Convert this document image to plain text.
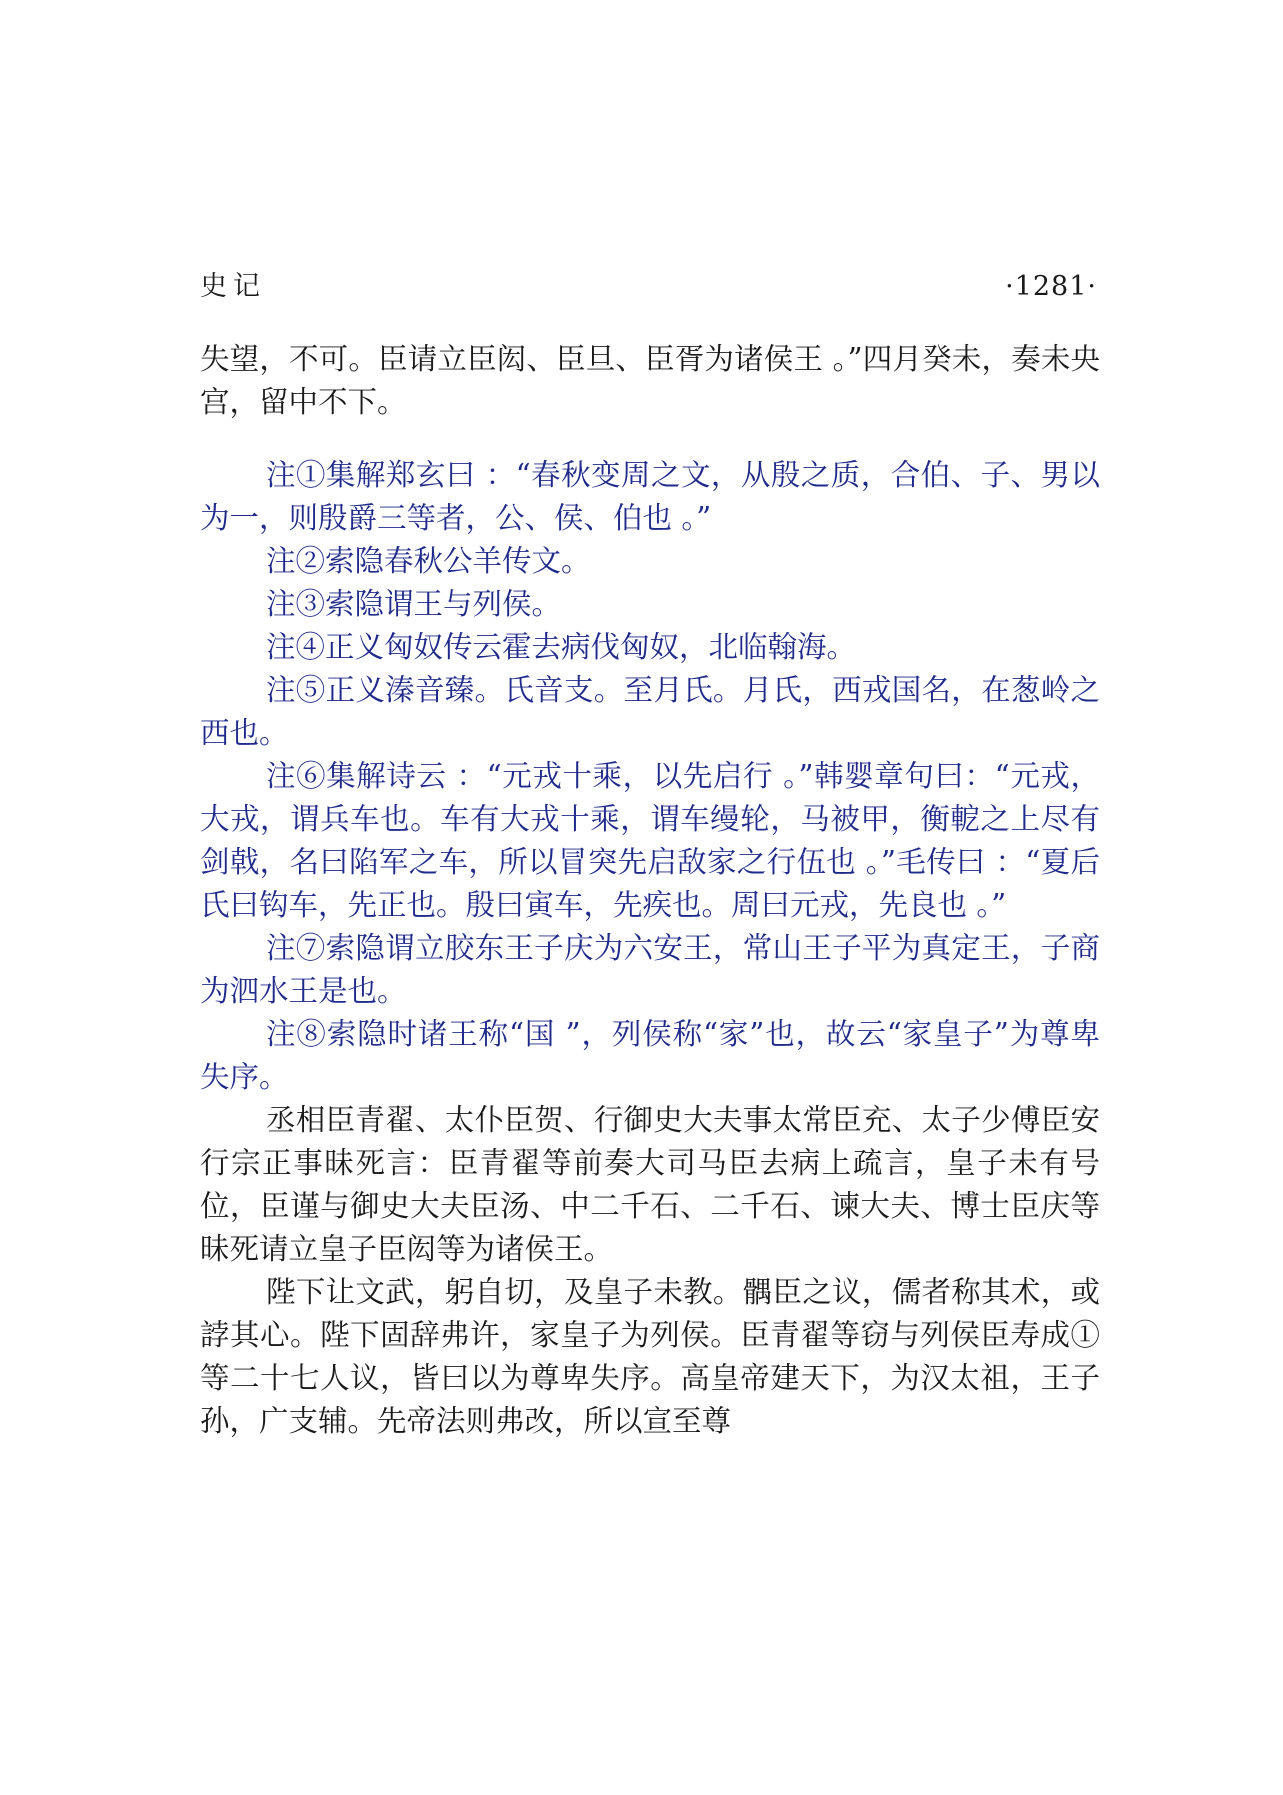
史记	·1281·

失望，不可。臣请立臣闳、臣旦、臣胥为诸侯王 。”四月癸未，奏未央宫，留中不下。

注①集解郑玄曰 ：“春秋变周之文，从殷之质，合伯、子、男以为一，则殷爵三等者，公、侯、伯也 。”

注②索隐春秋公羊传文。

注③索隐谓王与列侯。

注④正义匈奴传云霍去病伐匈奴，北临翰海。

注⑤正义溱音臻。氏音支。至月氏。月氏，西戎国名，在葱岭之西也。

注⑥集解诗云 ：“元戎十乘，以先启行 。”韩婴章句曰：“元戎，大戎，谓兵车也。车有大戎十乘，谓车缦轮，马被甲，衡軶之上尽有剑戟，名曰陷军之车，所以冒突先启敌家之行伍也 。”毛传曰 ：“夏后氏曰钩车，先正也。殷曰寅车，先疾也。周曰元戎，先良也 。”

注⑦索隐谓立胶东王子庆为六安王，常山王子平为真定王，子商为泗水王是也。

注⑧索隐时诸王称“国 ”，列侯称“家”也，故云“家皇子”为尊卑失序。

丞相臣青翟、太仆臣贺、行御史大夫事太常臣充、太子少傅臣安行宗正事昧死言：臣青翟等前奏大司马臣去病上疏言，皇子未有号位，臣谨与御史大夫臣汤、中二千石、二千石、谏大夫、博士臣庆等昧死请立皇子臣闳等为诸侯王。

陛下让文武，躬自切，及皇子未教。髃臣之议，儒者称其术，或誖其心。陛下固辞弗许，家皇子为列侯。臣青翟等窃与列侯臣寿成①等二十七人议，皆曰以为尊卑失序。高皇帝建天下，为汉太祖，王子孙，广支辅。先帝法则弗改，所以宣至尊
